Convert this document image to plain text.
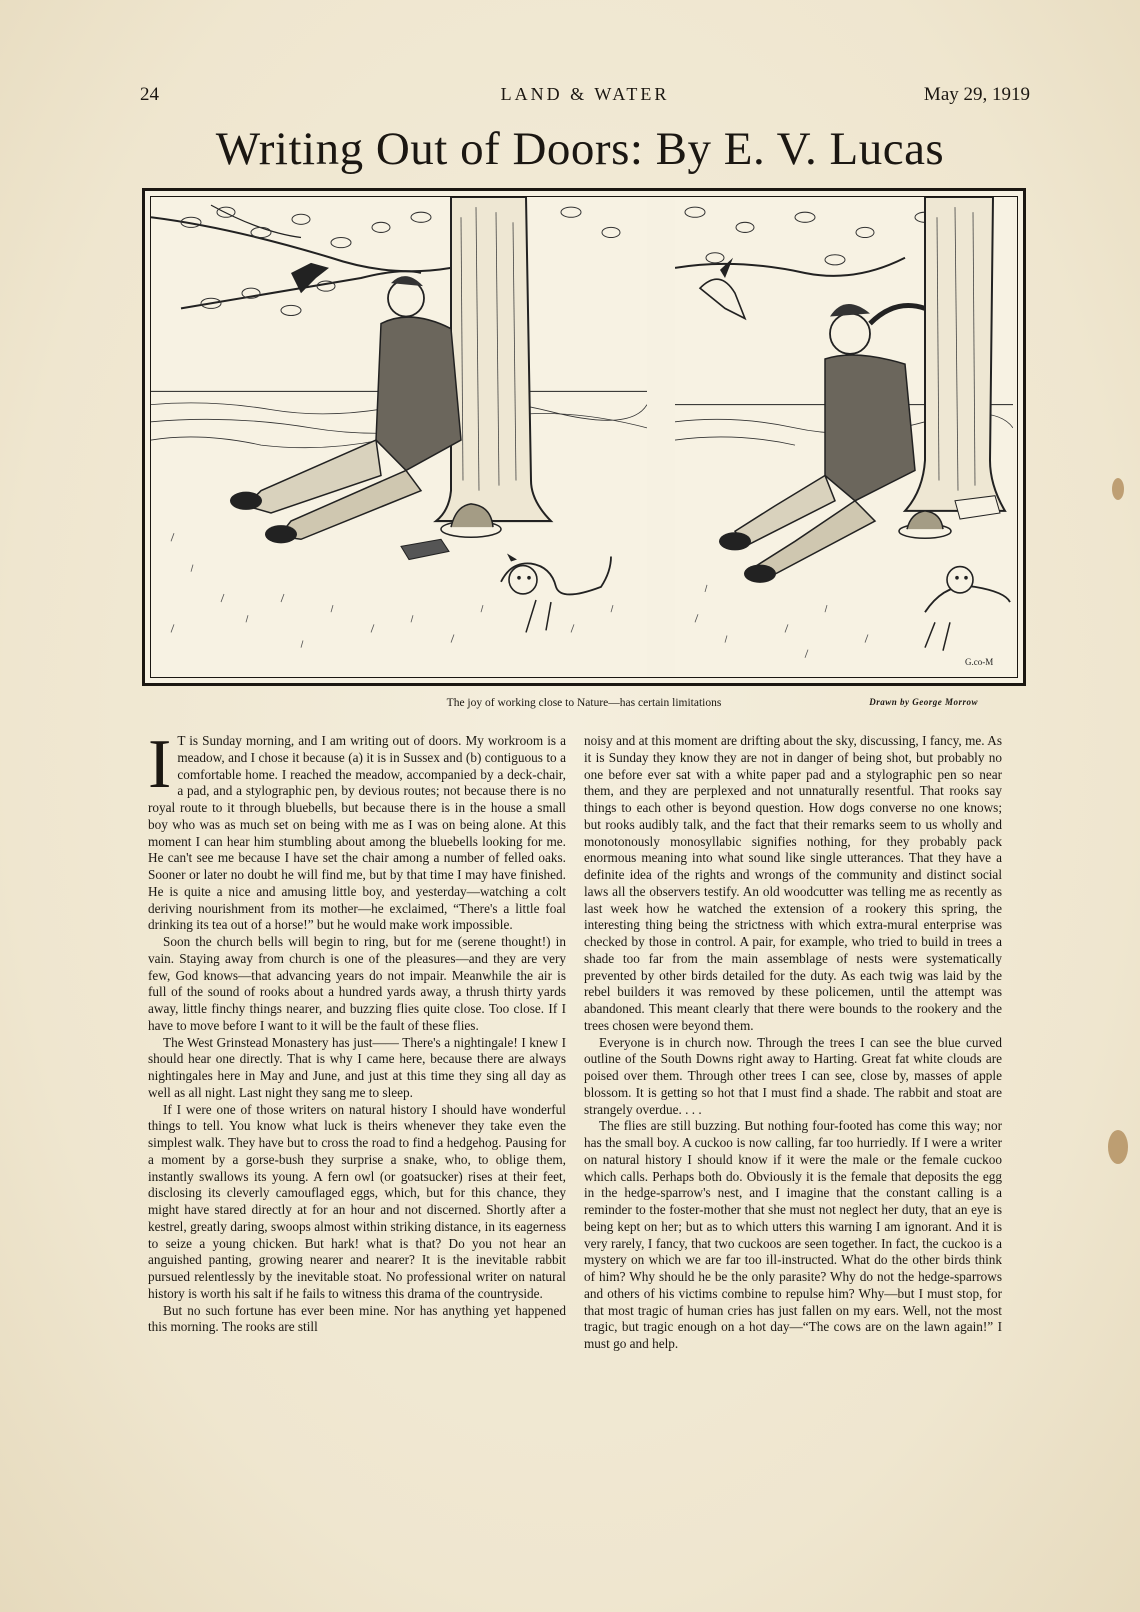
24	LAND & WATER	May 29, 1919
Writing Out of Doors: By E. V. Lucas
G.co-M
The joy of working close to Nature—has certain limitations	Drawn by George Morrow

I T is Sunday morning, and I am writing out of doors. My workroom is a meadow, and I chose it because (a) it is in Sussex and (b) contiguous to a comfortable home. I reached the meadow, accompanied by a deck-chair, a pad, and a stylographic pen, by devious routes; not because there is no royal route to it through bluebells, but because there is in the house a small boy who was as much set on being with me as I was on being alone. At this moment I can hear him stumbling about among the bluebells looking for me. He can't see me because I have set the chair among a number of felled oaks. Sooner or later no doubt he will find me, but by that time I may have finished. He is quite a nice and amusing little boy, and yesterday—watching a colt deriving nourishment from its mother—he exclaimed, “There's a little foal drinking its tea out of a horse!” but he would make work impossible.

Soon the church bells will begin to ring, but for me (serene thought!) in vain. Staying away from church is one of the pleasures—and they are very few, God knows—that advancing years do not impair. Meanwhile the air is full of the sound of rooks about a hundred yards away, a thrush thirty yards away, little finchy things nearer, and buzzing flies quite close. Too close. If I have to move before I want to it will be the fault of these flies.

The West Grinstead Monastery has just—— There's a nightingale! I knew I should hear one directly. That is why I came here, because there are always nightingales here in May and June, and just at this time they sing all day as well as all night. Last night they sang me to sleep.

If I were one of those writers on natural history I should have wonderful things to tell. You know what luck is theirs whenever they take even the simplest walk. They have but to cross the road to find a hedgehog. Pausing for a moment by a gorse-bush they surprise a snake, who, to oblige them, instantly swallows its young. A fern owl (or goatsucker) rises at their feet, disclosing its cleverly camouflaged eggs, which, but for this chance, they might have stared directly at for an hour and not discerned. Shortly after a kestrel, greatly daring, swoops almost within striking distance, in its eagerness to seize a young chicken. But hark! what is that? Do you not hear an anguished panting, growing nearer and nearer? It is the inevitable rabbit pursued relentlessly by the inevitable stoat. No professional writer on natural history is worth his salt if he fails to witness this drama of the countryside.

But no such fortune has ever been mine. Nor has anything yet happened this morning. The rooks are still

noisy and at this moment are drifting about the sky, discussing, I fancy, me. As it is Sunday they know they are not in danger of being shot, but probably no one before ever sat with a white paper pad and a stylographic pen so near them, and they are perplexed and not unnaturally resentful. That rooks say things to each other is beyond question. How dogs converse no one knows; but rooks audibly talk, and the fact that their remarks seem to us wholly and monotonously monosyllabic signifies nothing, for they probably pack enormous meaning into what sound like single utterances. That they have a definite idea of the rights and wrongs of the community and distinct social laws all the observers testify. An old woodcutter was telling me as recently as last week how he watched the extension of a rookery this spring, the interesting thing being the strictness with which extra-mural enterprise was checked by those in control. A pair, for example, who tried to build in trees a shade too far from the main assemblage of nests were systematically prevented by other birds detailed for the duty. As each twig was laid by the rebel builders it was removed by these policemen, until the attempt was abandoned. This meant clearly that there were bounds to the rookery and the trees chosen were beyond them.

Everyone is in church now. Through the trees I can see the blue curved outline of the South Downs right away to Harting. Great fat white clouds are poised over them. Through other trees I can see, close by, masses of apple blossom. It is getting so hot that I must find a shade. The rabbit and stoat are strangely overdue. . . .

The flies are still buzzing. But nothing four-footed has come this way; nor has the small boy. A cuckoo is now calling, far too hurriedly. If I were a writer on natural history I should know if it were the male or the female cuckoo which calls. Perhaps both do. Obviously it is the female that deposits the egg in the hedge-sparrow's nest, and I imagine that the constant calling is a reminder to the foster-mother that she must not neglect her duty, that an eye is being kept on her; but as to which utters this warning I am ignorant. And it is very rarely, I fancy, that two cuckoos are seen together. In fact, the cuckoo is a mystery on which we are far too ill-instructed. What do the other birds think of him? Why should he be the only parasite? Why do not the hedge-sparrows and others of his victims combine to repulse him? Why—but I must stop, for that most tragic of human cries has just fallen on my ears. Well, not the most tragic, but tragic enough on a hot day—“The cows are on the lawn again!” I must go and help.
